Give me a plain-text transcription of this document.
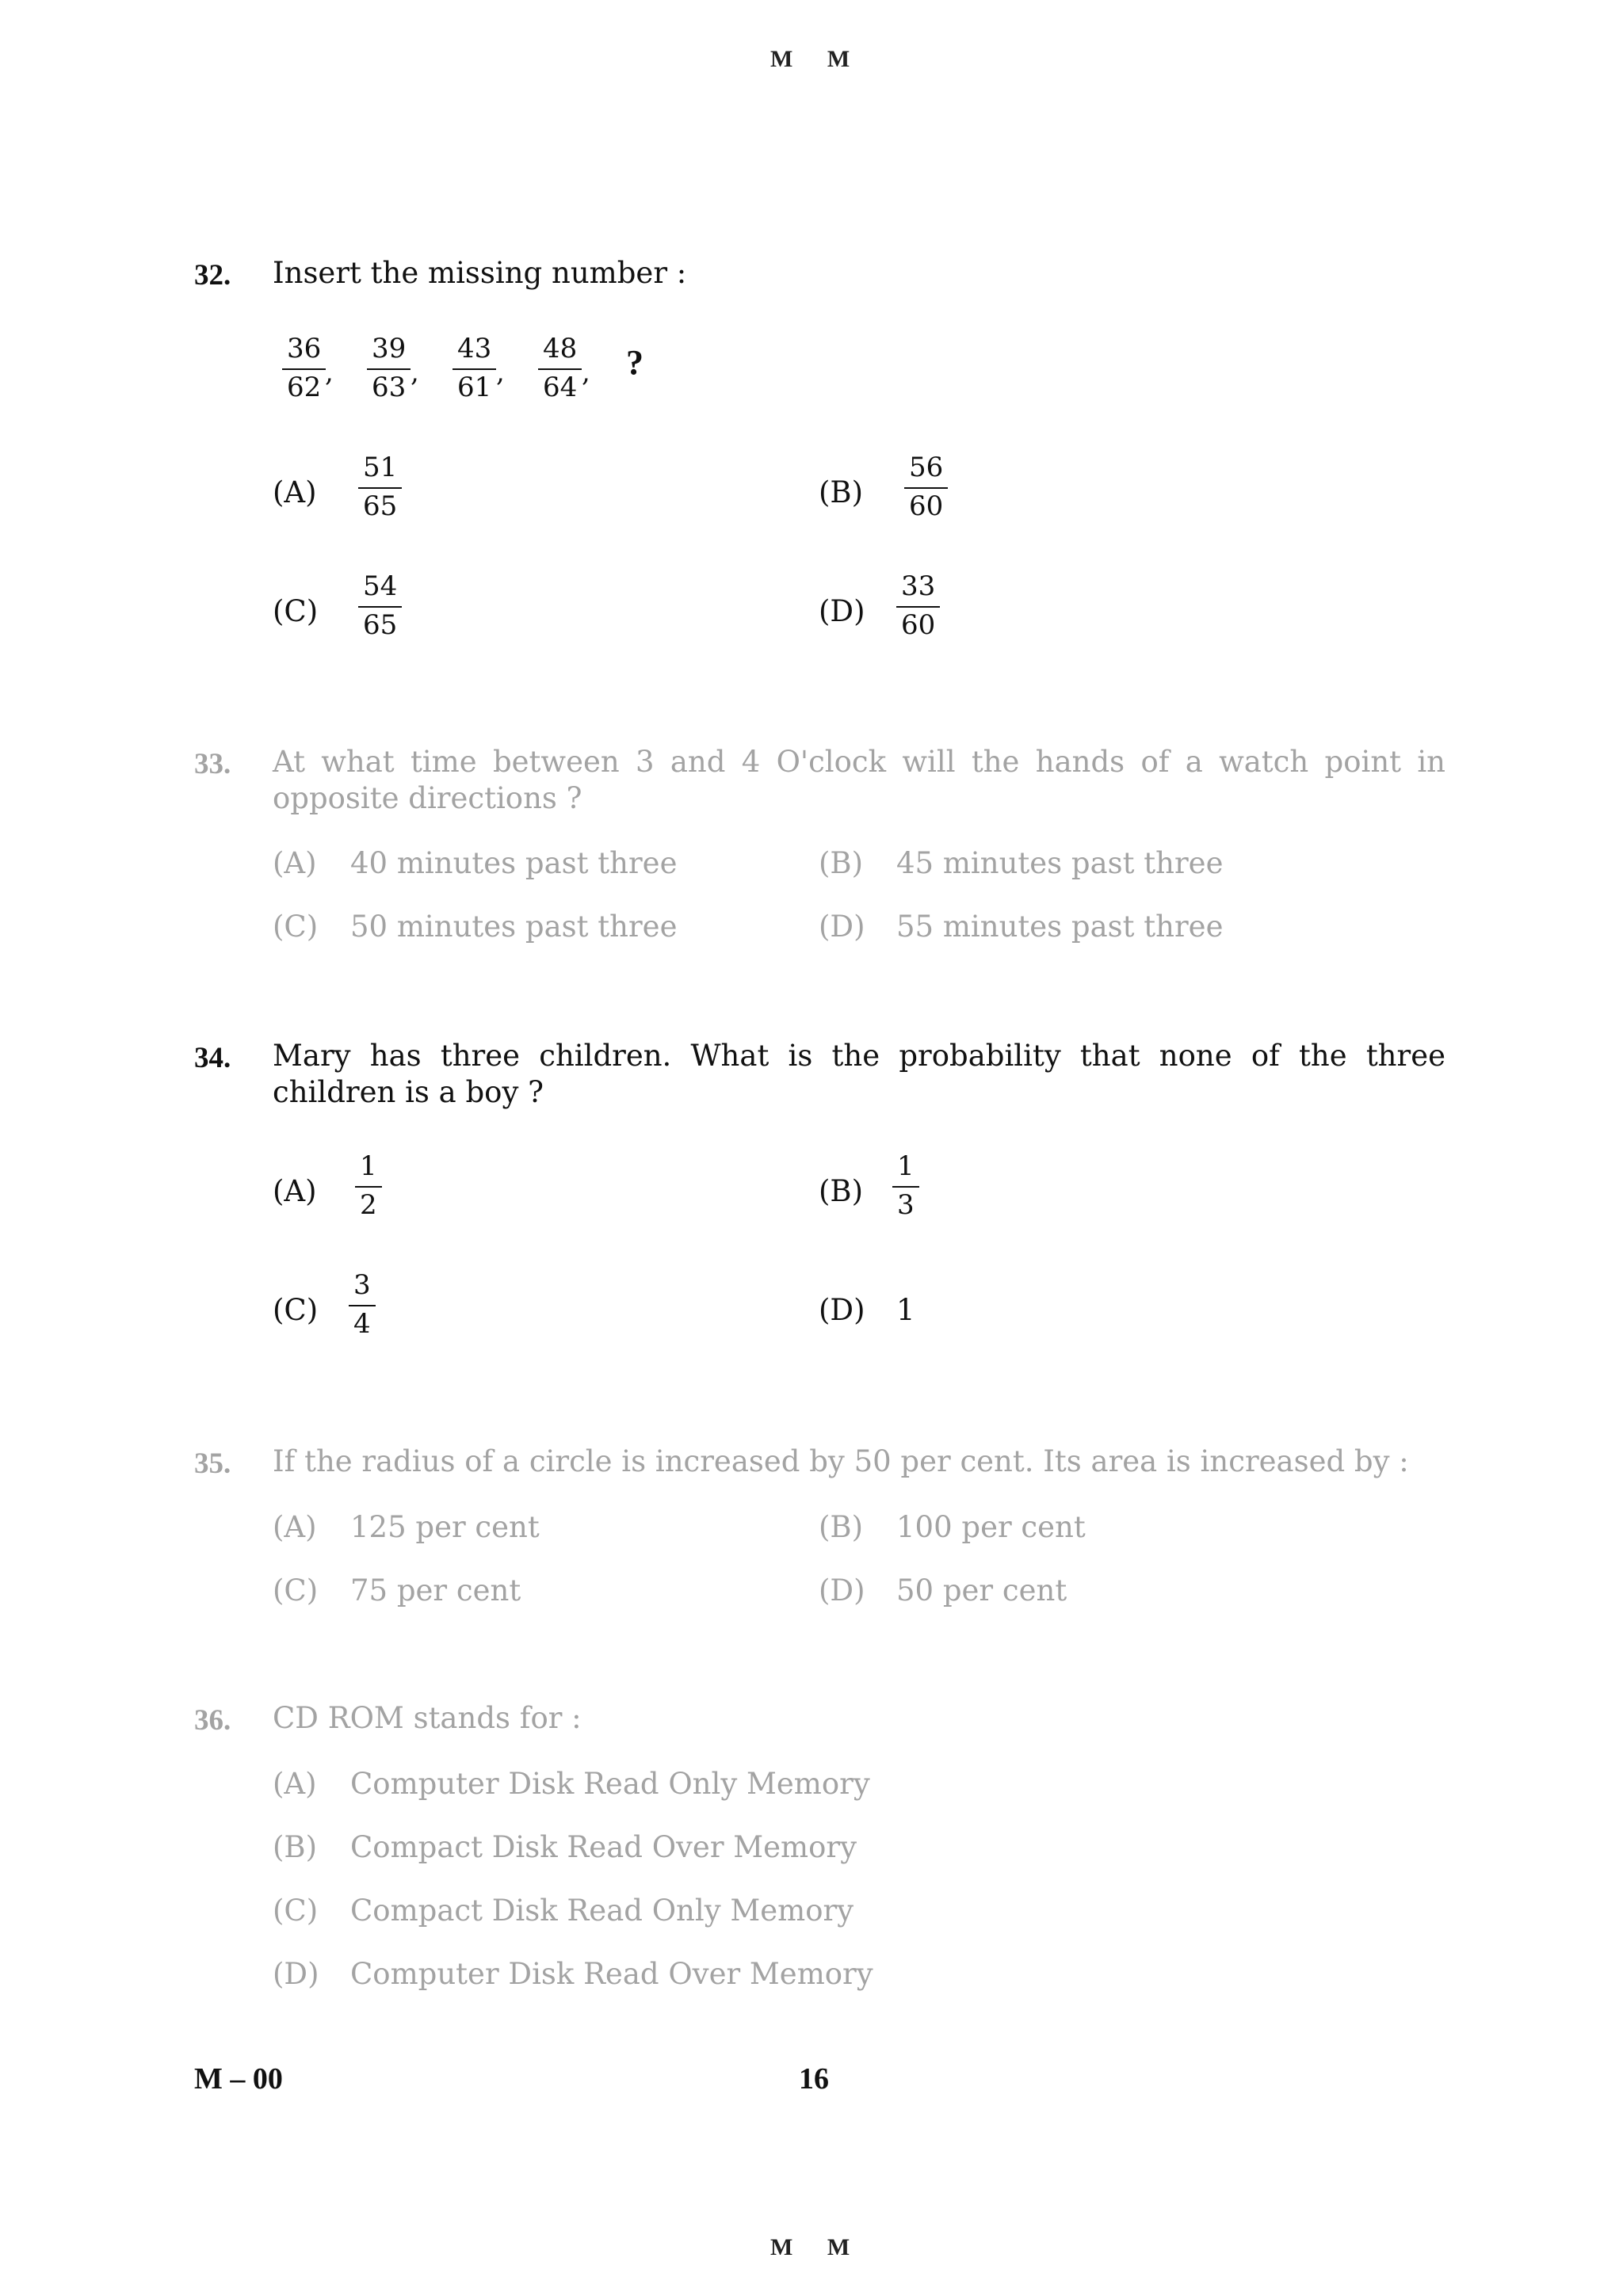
M M
32. Insert the missing number :
36
62 ,
39
63 ,
43
61 ,
48
64 , ?
(A)
51
65	(B)
56
60
(C)
54
65	(D)
33
60
33. At what time between 3 and 4 O'clock will the hands of a watch point in opposite directions ?
(A) 40 minutes past three	(B) 45 minutes past three
(C) 50 minutes past three	(D) 55 minutes past three
34. Mary has three children. What is the probability that none of the three children is a boy ?
(A)
1
2	(B)
1
3
(C)
3
4	(D) 1
35. If the radius of a circle is increased by 50 per cent. Its area is increased by :
(A) 125 per cent	(B) 100 per cent
(C) 75 per cent	(D) 50 per cent
36. CD ROM stands for :
(A) Computer Disk Read Only Memory
(B) Compact Disk Read Over Memory
(C) Compact Disk Read Only Memory
(D) Computer Disk Read Over Memory
M – 00	16
M M
